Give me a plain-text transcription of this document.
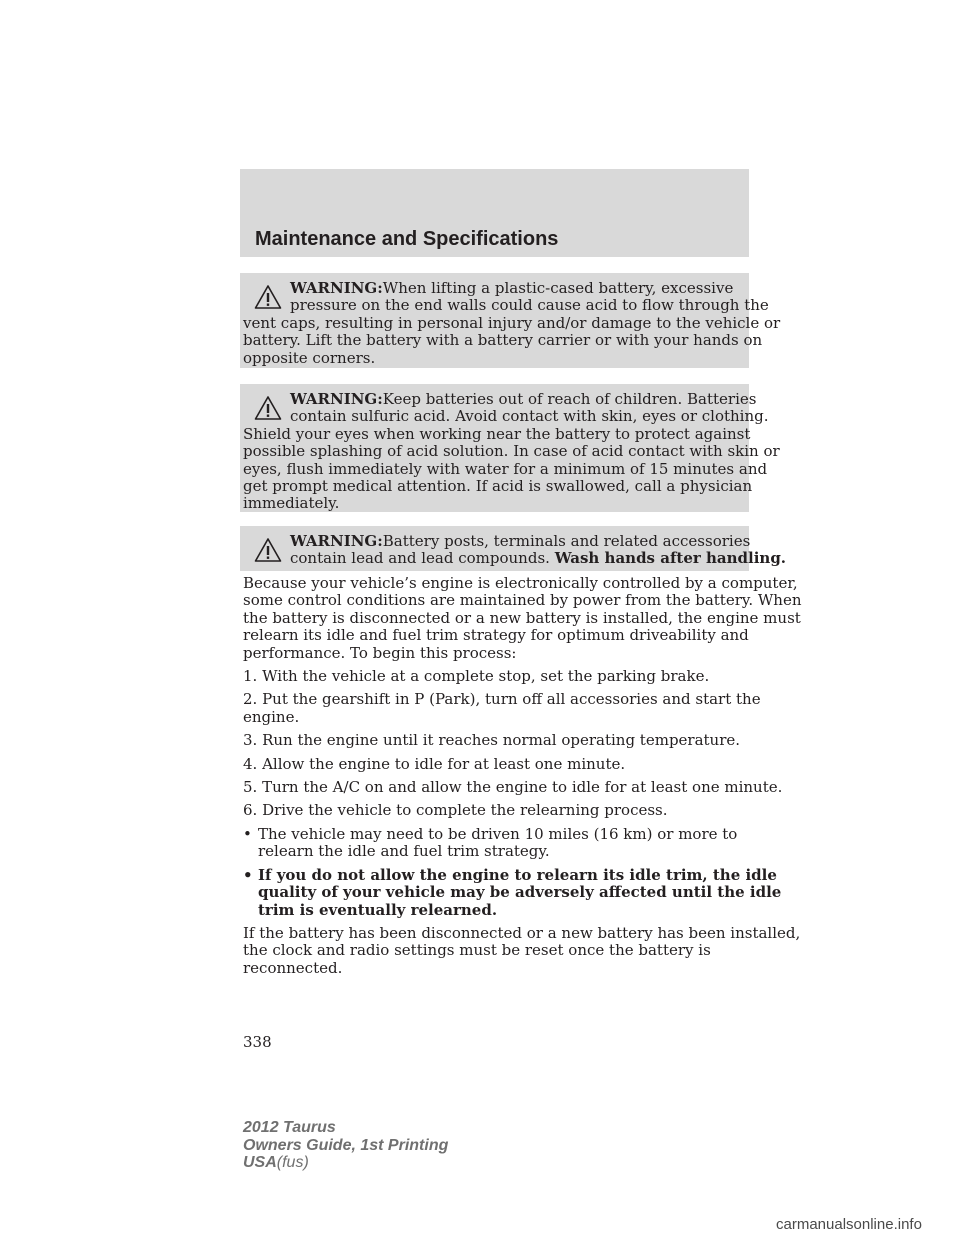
Maintenance and Specifications
WARNING:When lifting a plastic-cased battery, excessive
pressure on the end walls could cause acid to flow through the
vent caps, resulting in personal injury and/or damage to the vehicle or
battery. Lift the battery with a battery carrier or with your hands on
opposite corners.
WARNING:Keep batteries out of reach of children. Batteries
contain sulfuric acid. Avoid contact with skin, eyes or clothing.
Shield your eyes when working near the battery to protect against
possible splashing of acid solution. In case of acid contact with skin or
eyes, flush immediately with water for a minimum of 15 minutes and
get prompt medical attention. If acid is swallowed, call a physician
immediately.
WARNING:Battery posts, terminals and related accessories
contain lead and lead compounds. Wash hands after handling.
Because your vehicle’s engine is electronically controlled by a computer,
some control conditions are maintained by power from the battery. When
the battery is disconnected or a new battery is installed, the engine must
relearn its idle and fuel trim strategy for optimum driveability and
performance. To begin this process:
1. With the vehicle at a complete stop, set the parking brake.
2. Put the gearshift in P (Park), turn off all accessories and start the
engine.
3. Run the engine until it reaches normal operating temperature.
4. Allow the engine to idle for at least one minute.
5. Turn the A/C on and allow the engine to idle for at least one minute.
6. Drive the vehicle to complete the relearning process.
• The vehicle may need to be driven 10 miles (16 km) or more to
relearn the idle and fuel trim strategy.
• If you do not allow the engine to relearn its idle trim, the idle
quality of your vehicle may be adversely affected until the idle
trim is eventually relearned.
If the battery has been disconnected or a new battery has been installed,
the clock and radio settings must be reset once the battery is
reconnected.
338
2012 Taurus
Owners Guide, 1st Printing
USA(fus)
carmanualsonline.info
